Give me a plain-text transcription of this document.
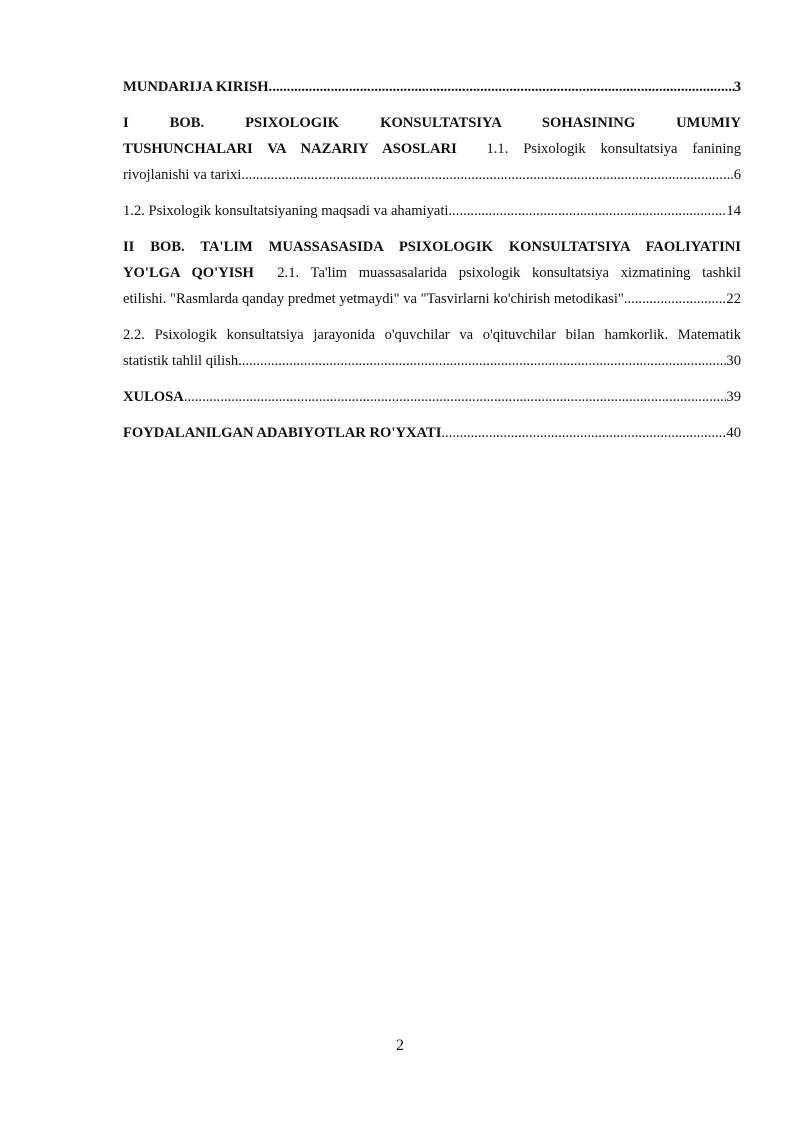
MUNDARIJA KIRISH .....	3

I BOB. PSIXOLOGIK KONSULTATSIYA SOHASINING UMUMIY

TUSHUNCHALARI VA NAZARIY ASOSLARI 1.1. Psixologik konsultatsiya fanining

rivojlanishi va tarixi .....	6
1.2. Psixologik konsultatsiyaning maqsadi va ahamiyati .....	14

II BOB. TA'LIM MUASSASASIDA PSIXOLOGIK KONSULTATSIYA FAOLIYATINI

YO'LGA QO'YISH 2.1. Ta'lim muassasalarida psixologik konsultatsiya xizmatining tashkil

etilishi. "Rasmlarda qanday predmet yetmaydi" va "Tasvirlarni ko'chirish metodikasi" .....	22

2.2. Psixologik konsultatsiya jarayonida o'quvchilar va o'qituvchilar bilan hamkorlik. Matematik

statistik tahlil qilish .....	30
XULOSA .....	39
FOYDALANILGAN ADABIYOTLAR RO'YXATI .....	40
2
